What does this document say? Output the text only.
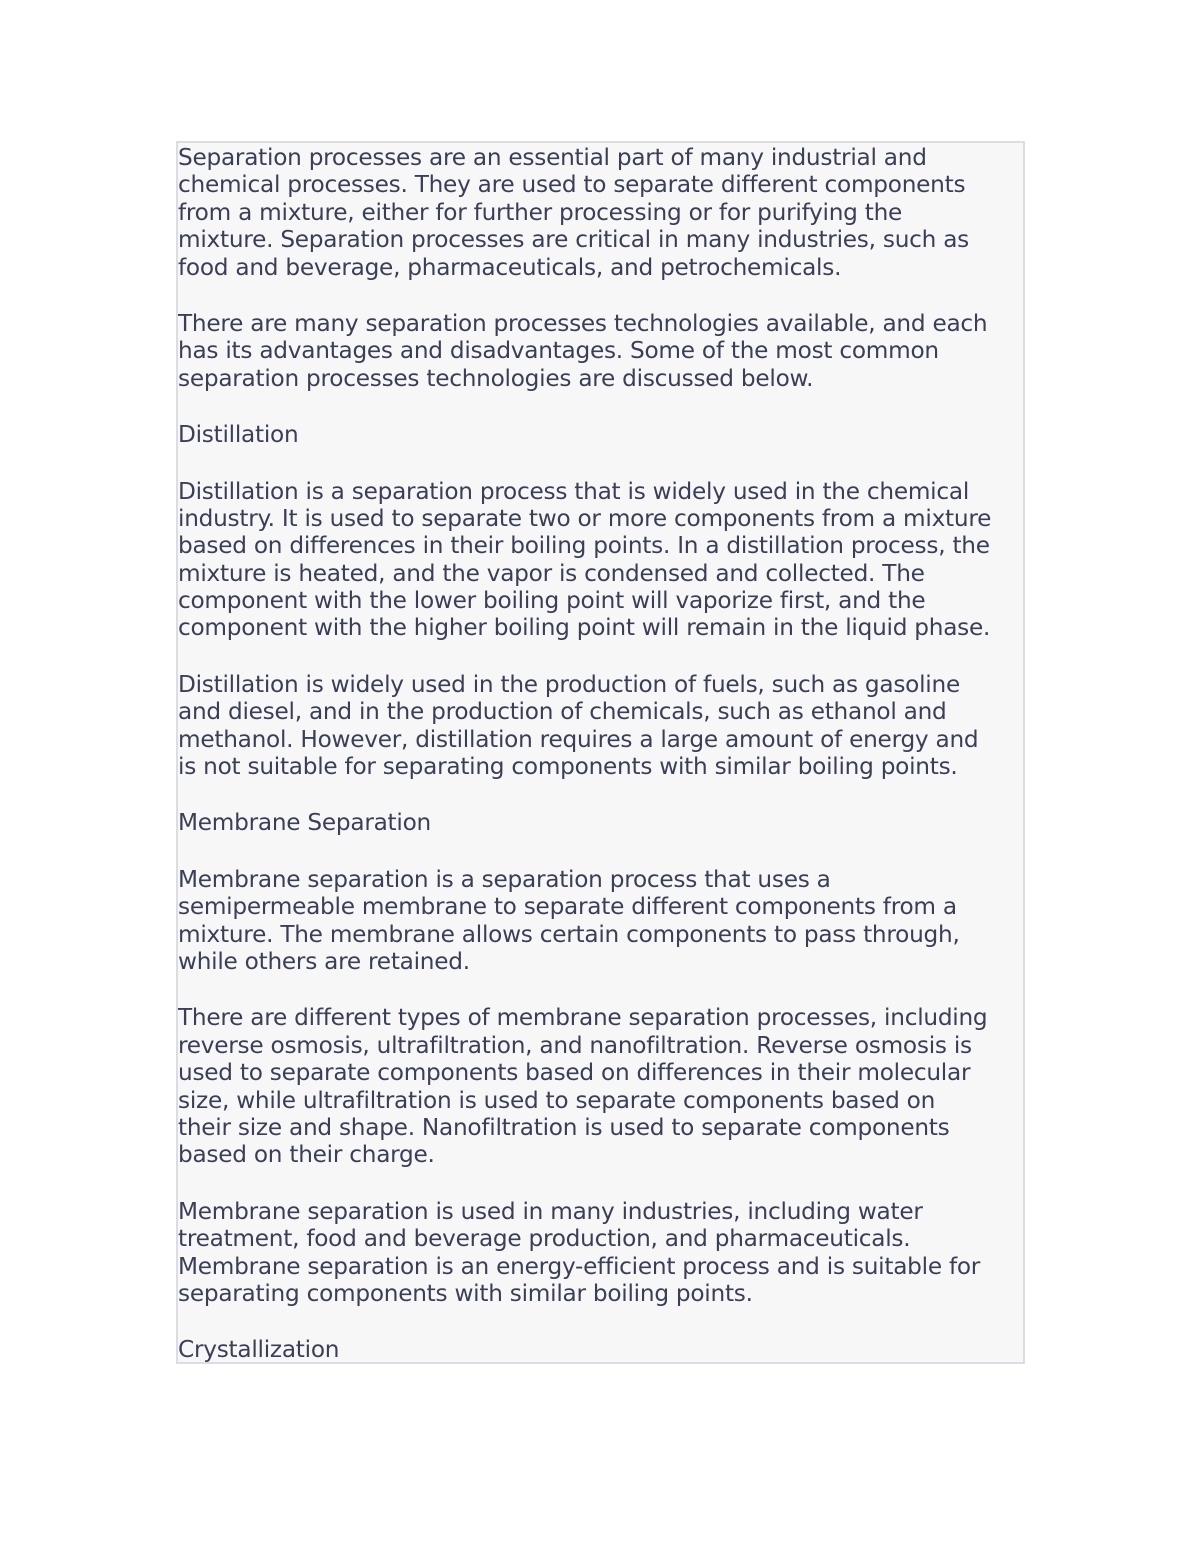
Separation processes are an essential part of many industrial and
chemical processes. They are used to separate different components
from a mixture, either for further processing or for purifying the
mixture. Separation processes are critical in many industries, such as
food and beverage, pharmaceuticals, and petrochemicals.
There are many separation processes technologies available, and each
has its advantages and disadvantages. Some of the most common
separation processes technologies are discussed below.
Distillation
Distillation is a separation process that is widely used in the chemical
industry. It is used to separate two or more components from a mixture
based on differences in their boiling points. In a distillation process, the
mixture is heated, and the vapor is condensed and collected. The
component with the lower boiling point will vaporize first, and the
component with the higher boiling point will remain in the liquid phase.
Distillation is widely used in the production of fuels, such as gasoline
and diesel, and in the production of chemicals, such as ethanol and
methanol. However, distillation requires a large amount of energy and
is not suitable for separating components with similar boiling points.
Membrane Separation
Membrane separation is a separation process that uses a
semipermeable membrane to separate different components from a
mixture. The membrane allows certain components to pass through,
while others are retained.
There are different types of membrane separation processes, including
reverse osmosis, ultrafiltration, and nanofiltration. Reverse osmosis is
used to separate components based on differences in their molecular
size, while ultrafiltration is used to separate components based on
their size and shape. Nanofiltration is used to separate components
based on their charge.
Membrane separation is used in many industries, including water
treatment, food and beverage production, and pharmaceuticals.
Membrane separation is an energy-efficient process and is suitable for
separating components with similar boiling points.
Crystallization
